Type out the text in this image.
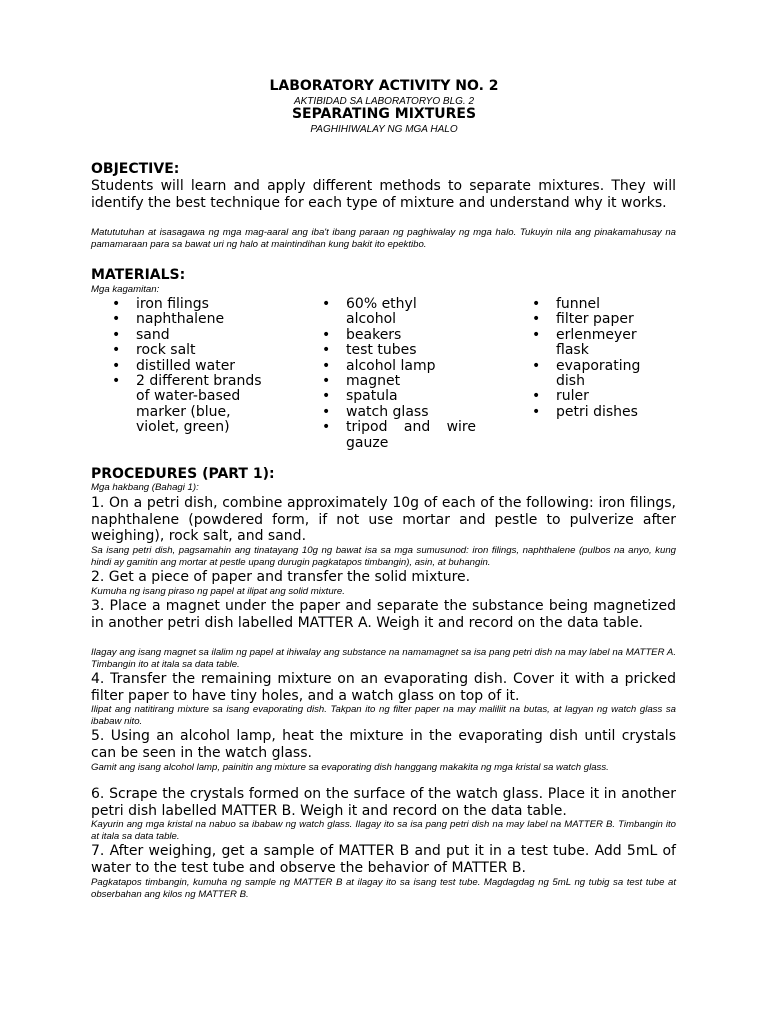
LABORATORY ACTIVITY NO. 2
AKTIBIDAD SA LABORATORYO BLG. 2
SEPARATING MIXTURES
PAGHIHIWALAY NG MGA HALO
OBJECTIVE:
Students will learn and apply different methods to separate mixtures. They will identify the best technique for each type of mixture and understand why it works.
Matututuhan at isasagawa ng mga mag-aaral ang iba't ibang paraan ng paghiwalay ng mga halo. Tukuyin nila ang pinakamahusay na pamamaraan para sa bawat uri ng halo at maintindihan kung bakit ito epektibo.
MATERIALS:
Mga kagamitan:
• iron filings
• naphthalene
• sand
• rock salt
• distilled water
• 2 different brands of water-based marker (blue, violet, green)
• 60% ethyl alcohol
• beakers
• test tubes
• alcohol lamp
• magnet
• spatula
• watch glass
• tripod and wire gauze
• funnel
• filter paper
• erlenmeyer flask
• evaporating dish
• ruler
• petri dishes
PROCEDURES (PART 1):
Mga hakbang (Bahagi 1):
1. On a petri dish, combine approximately 10g of each of the following: iron filings, naphthalene (powdered form, if not use mortar and pestle to pulverize after weighing), rock salt, and sand.
Sa isang petri dish, pagsamahin ang tinatayang 10g ng bawat isa sa mga sumusunod: iron filings, naphthalene (pulbos na anyo, kung hindi ay gamitin ang mortar at pestle upang durugin pagkatapos timbangin), asin, at buhangin.
2. Get a piece of paper and transfer the solid mixture.
Kumuha ng isang piraso ng papel at ilipat ang solid mixture.
3. Place a magnet under the paper and separate the substance being magnetized in another petri dish labelled MATTER A. Weigh it and record on the data table.
Ilagay ang isang magnet sa ilalim ng papel at ihiwalay ang substance na namamagnet sa isa pang petri dish na may label na MATTER A. Timbangin ito at itala sa data table.
4. Transfer the remaining mixture on an evaporating dish. Cover it with a pricked filter paper to have tiny holes, and a watch glass on top of it.
Ilipat ang natitirang mixture sa isang evaporating dish. Takpan ito ng filter paper na may maliliit na butas, at lagyan ng watch glass sa ibabaw nito.
5. Using an alcohol lamp, heat the mixture in the evaporating dish until crystals can be seen in the watch glass.
Gamit ang isang alcohol lamp, painitin ang mixture sa evaporating dish hanggang makakita ng mga kristal sa watch glass.
6. Scrape the crystals formed on the surface of the watch glass. Place it in another petri dish labelled MATTER B. Weigh it and record on the data table.
Kayurin ang mga kristal na nabuo sa ibabaw ng watch glass. Ilagay ito sa isa pang petri dish na may label na MATTER B. Timbangin ito at itala sa data table.
7. After weighing, get a sample of MATTER B and put it in a test tube. Add 5mL of water to the test tube and observe the behavior of MATTER B.
Pagkatapos timbangin, kumuha ng sample ng MATTER B at ilagay ito sa isang test tube. Magdagdag ng 5mL ng tubig sa test tube at obserbahan ang kilos ng MATTER B.
